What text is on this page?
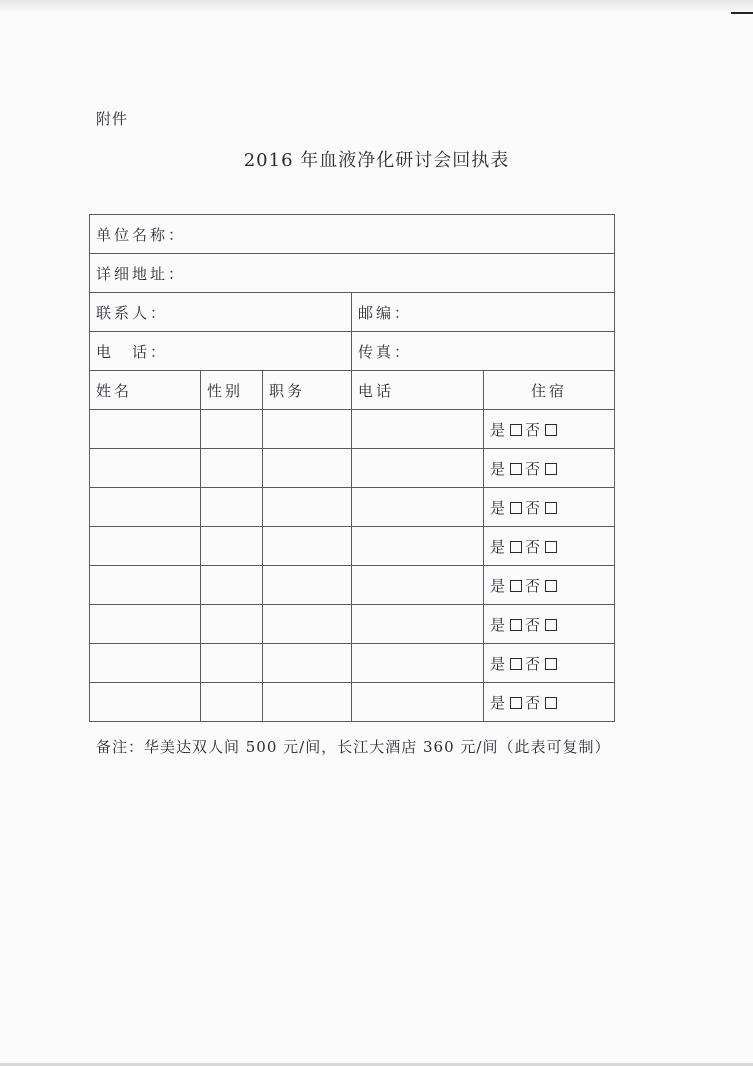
附件
2016 年血液净化研讨会回执表
单位名称：				
详细地址：				
联系人：			邮编：	
电　话：			传真：	
姓名	性别	职务	电话	住宿
				是 否
				是 否
				是 否
				是 否
				是 否
				是 否
				是 否
				是 否
备注：华美达双人间 500 元/间，长江大酒店 360 元/间（此表可复制）
